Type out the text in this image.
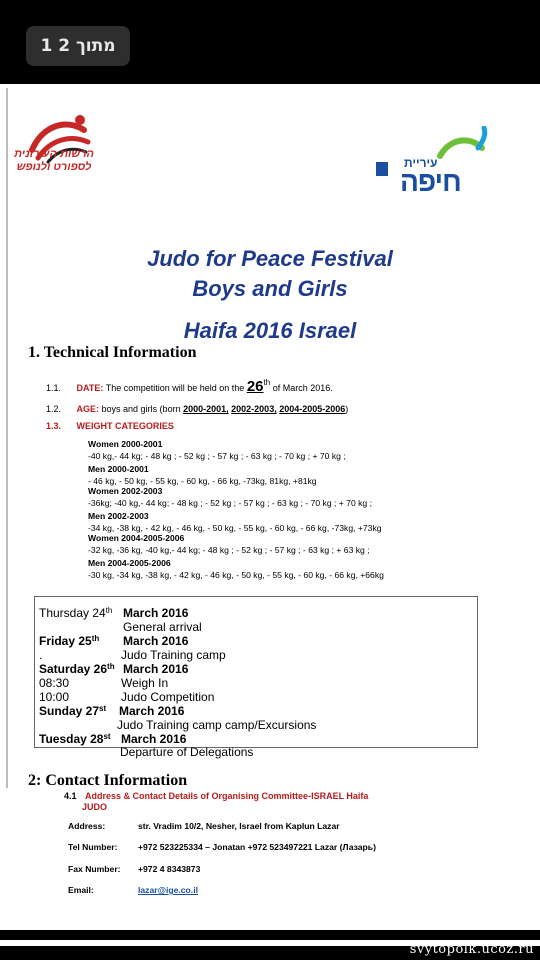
1 מתוך 2
הרשות העירונית
לספורט ולנופש	עיריית
חיפה
Judo for Peace Festival
Boys and Girls
Haifa 2016 Israel
1. Technical Information
1.1. DATE: The competition will be held on the 26th of March 2016.
1.2. AGE: boys and girls (born 2000-2001, 2002-2003, 2004-2005-2006)
1.3. WEIGHT CATEGORIES
Women 2000-2001
-40 kg,- 44 kg; - 48 kg ; - 52 kg ; - 57 kg ; - 63 kg ; - 70 kg ; + 70 kg ;
Men 2000-2001
- 46 kg, - 50 kg, - 55 kg, - 60 kg, - 66 kg, -73kg, 81kg, +81kg
Women 2002-2003
-36kg; -40 kg,- 44 kg; - 48 kg ; - 52 kg ; - 57 kg ; - 63 kg ; - 70 kg ; + 70 kg ;
Men 2002-2003
-34 kg, -38 kg, - 42 kg, - 46 kg, - 50 kg, - 55 kg, - 60 kg, - 66 kg, -73kg, +73kg
Women 2004-2005-2006
-32 kg, -36 kg, -40 kg,- 44 kg; - 48 kg ; - 52 kg ; - 57 kg ; - 63 kg ; + 63 kg ;
Men 2004-2005-2006
-30 kg, -34 kg, -38 kg, - 42 kg, - 46 kg, - 50 kg, - 55 kg, - 60 kg, - 66 kg, +66kg
Thursday 24th March 2016
General arrival
Friday 25th March 2016
.	Judo Training camp
Saturday 26th March 2016
08:30	Weigh In
10:00	Judo Competition
Sunday 27st March 2016
Judo Training camp camp/Excursions
Tuesday 28st March 2016
Departure of Delegations
2: Contact Information
4.1 Address & Contact Details of Organising Committee-ISRAEL Haifa
JUDO
Address:	str. Vradim 10/2, Nesher, Israel from Kaplun Lazar
Tel Number: +972 523225334 – Jonatan +972 523497221 Lazar (Лазарь)
Fax Number: +972 4 8343873
Email:	lazar@ige.co.il
svytopolk.ucoz.ru
